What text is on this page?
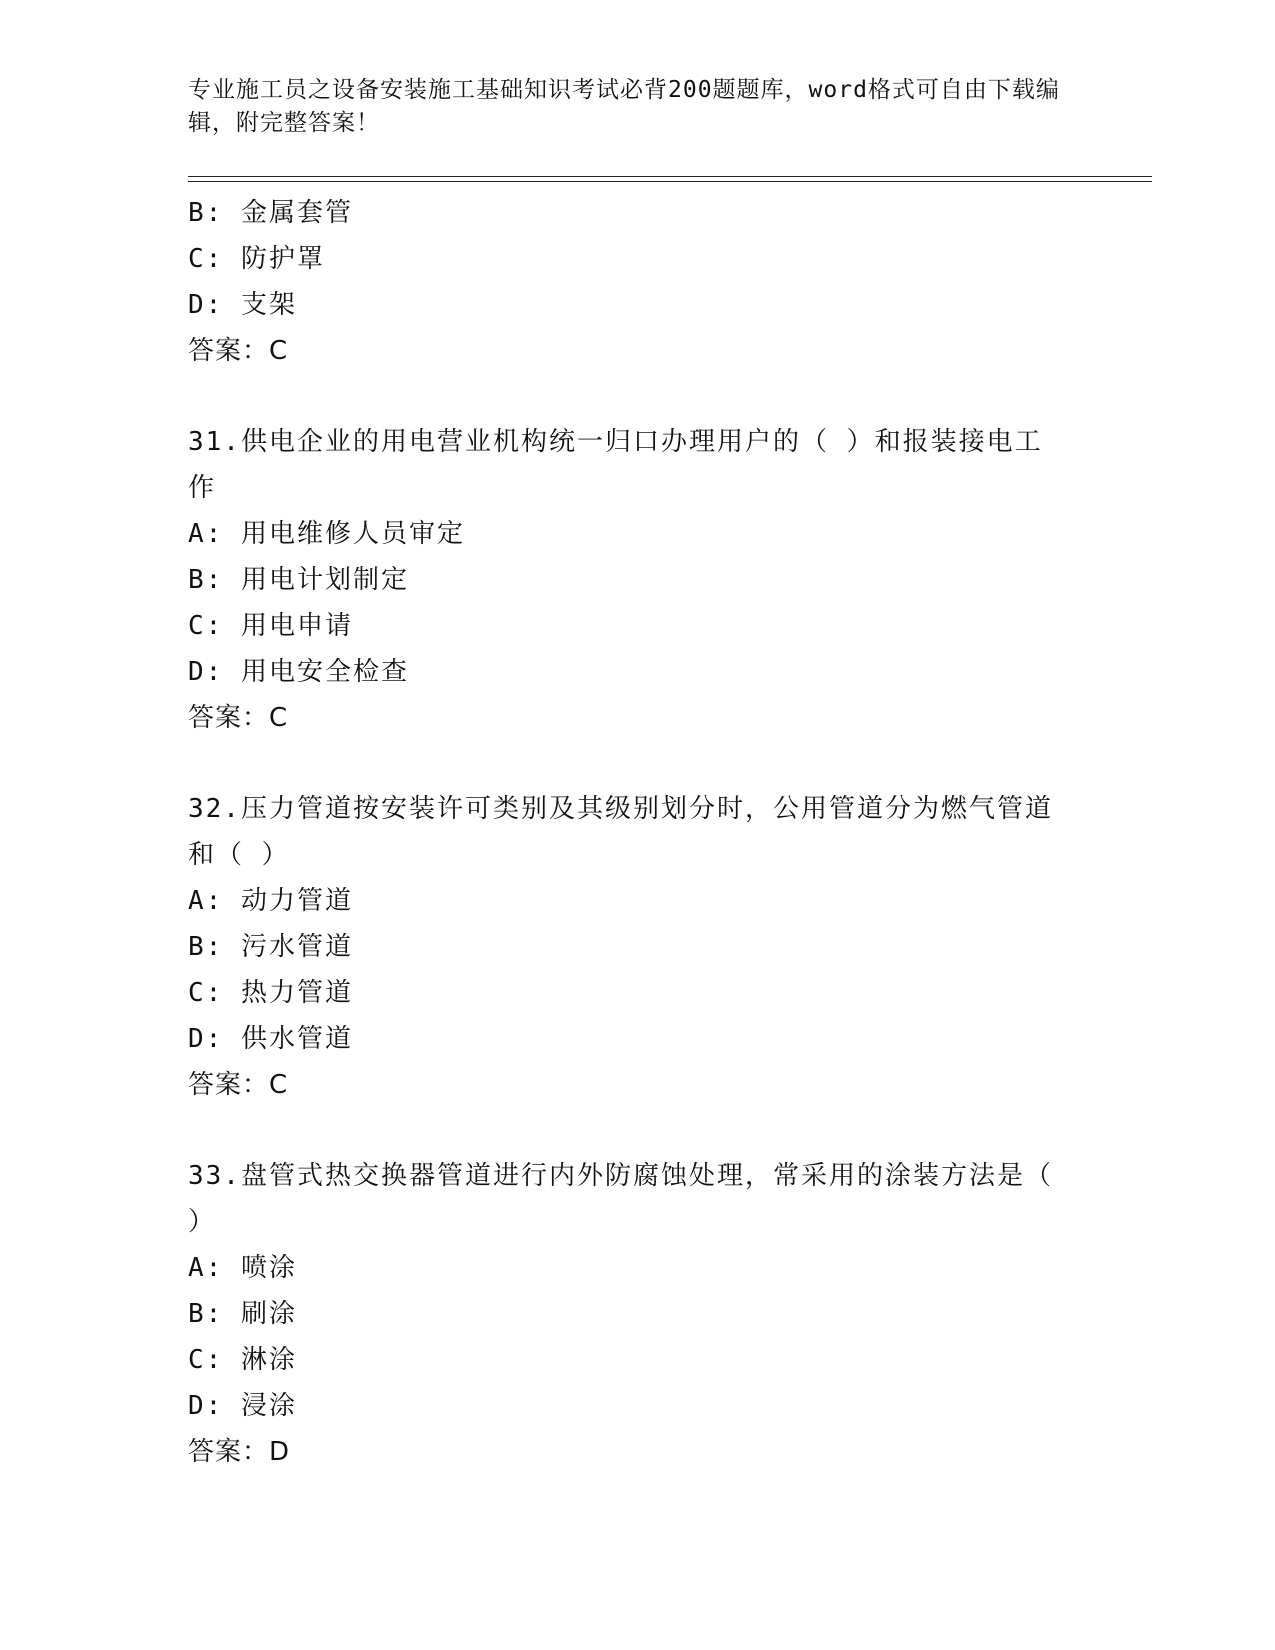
专业施工员之设备安装施工基础知识考试必背200题题库，word格式可自由下载编辑，附完整答案！
B: 金属套管
C: 防护罩
D: 支架
答案：C
31.供电企业的用电营业机构统一归口办理用户的（ ）和报装接电工作
A: 用电维修人员审定
B: 用电计划制定
C: 用电申请
D: 用电安全检查
答案：C
32.压力管道按安装许可类别及其级别划分时，公用管道分为燃气管道和（ ）
A: 动力管道
B: 污水管道
C: 热力管道
D: 供水管道
答案：C
33.盘管式热交换器管道进行内外防腐蚀处理，常采用的涂装方法是（ ）
A: 喷涂
B: 刷涂
C: 淋涂
D: 浸涂
答案：D
